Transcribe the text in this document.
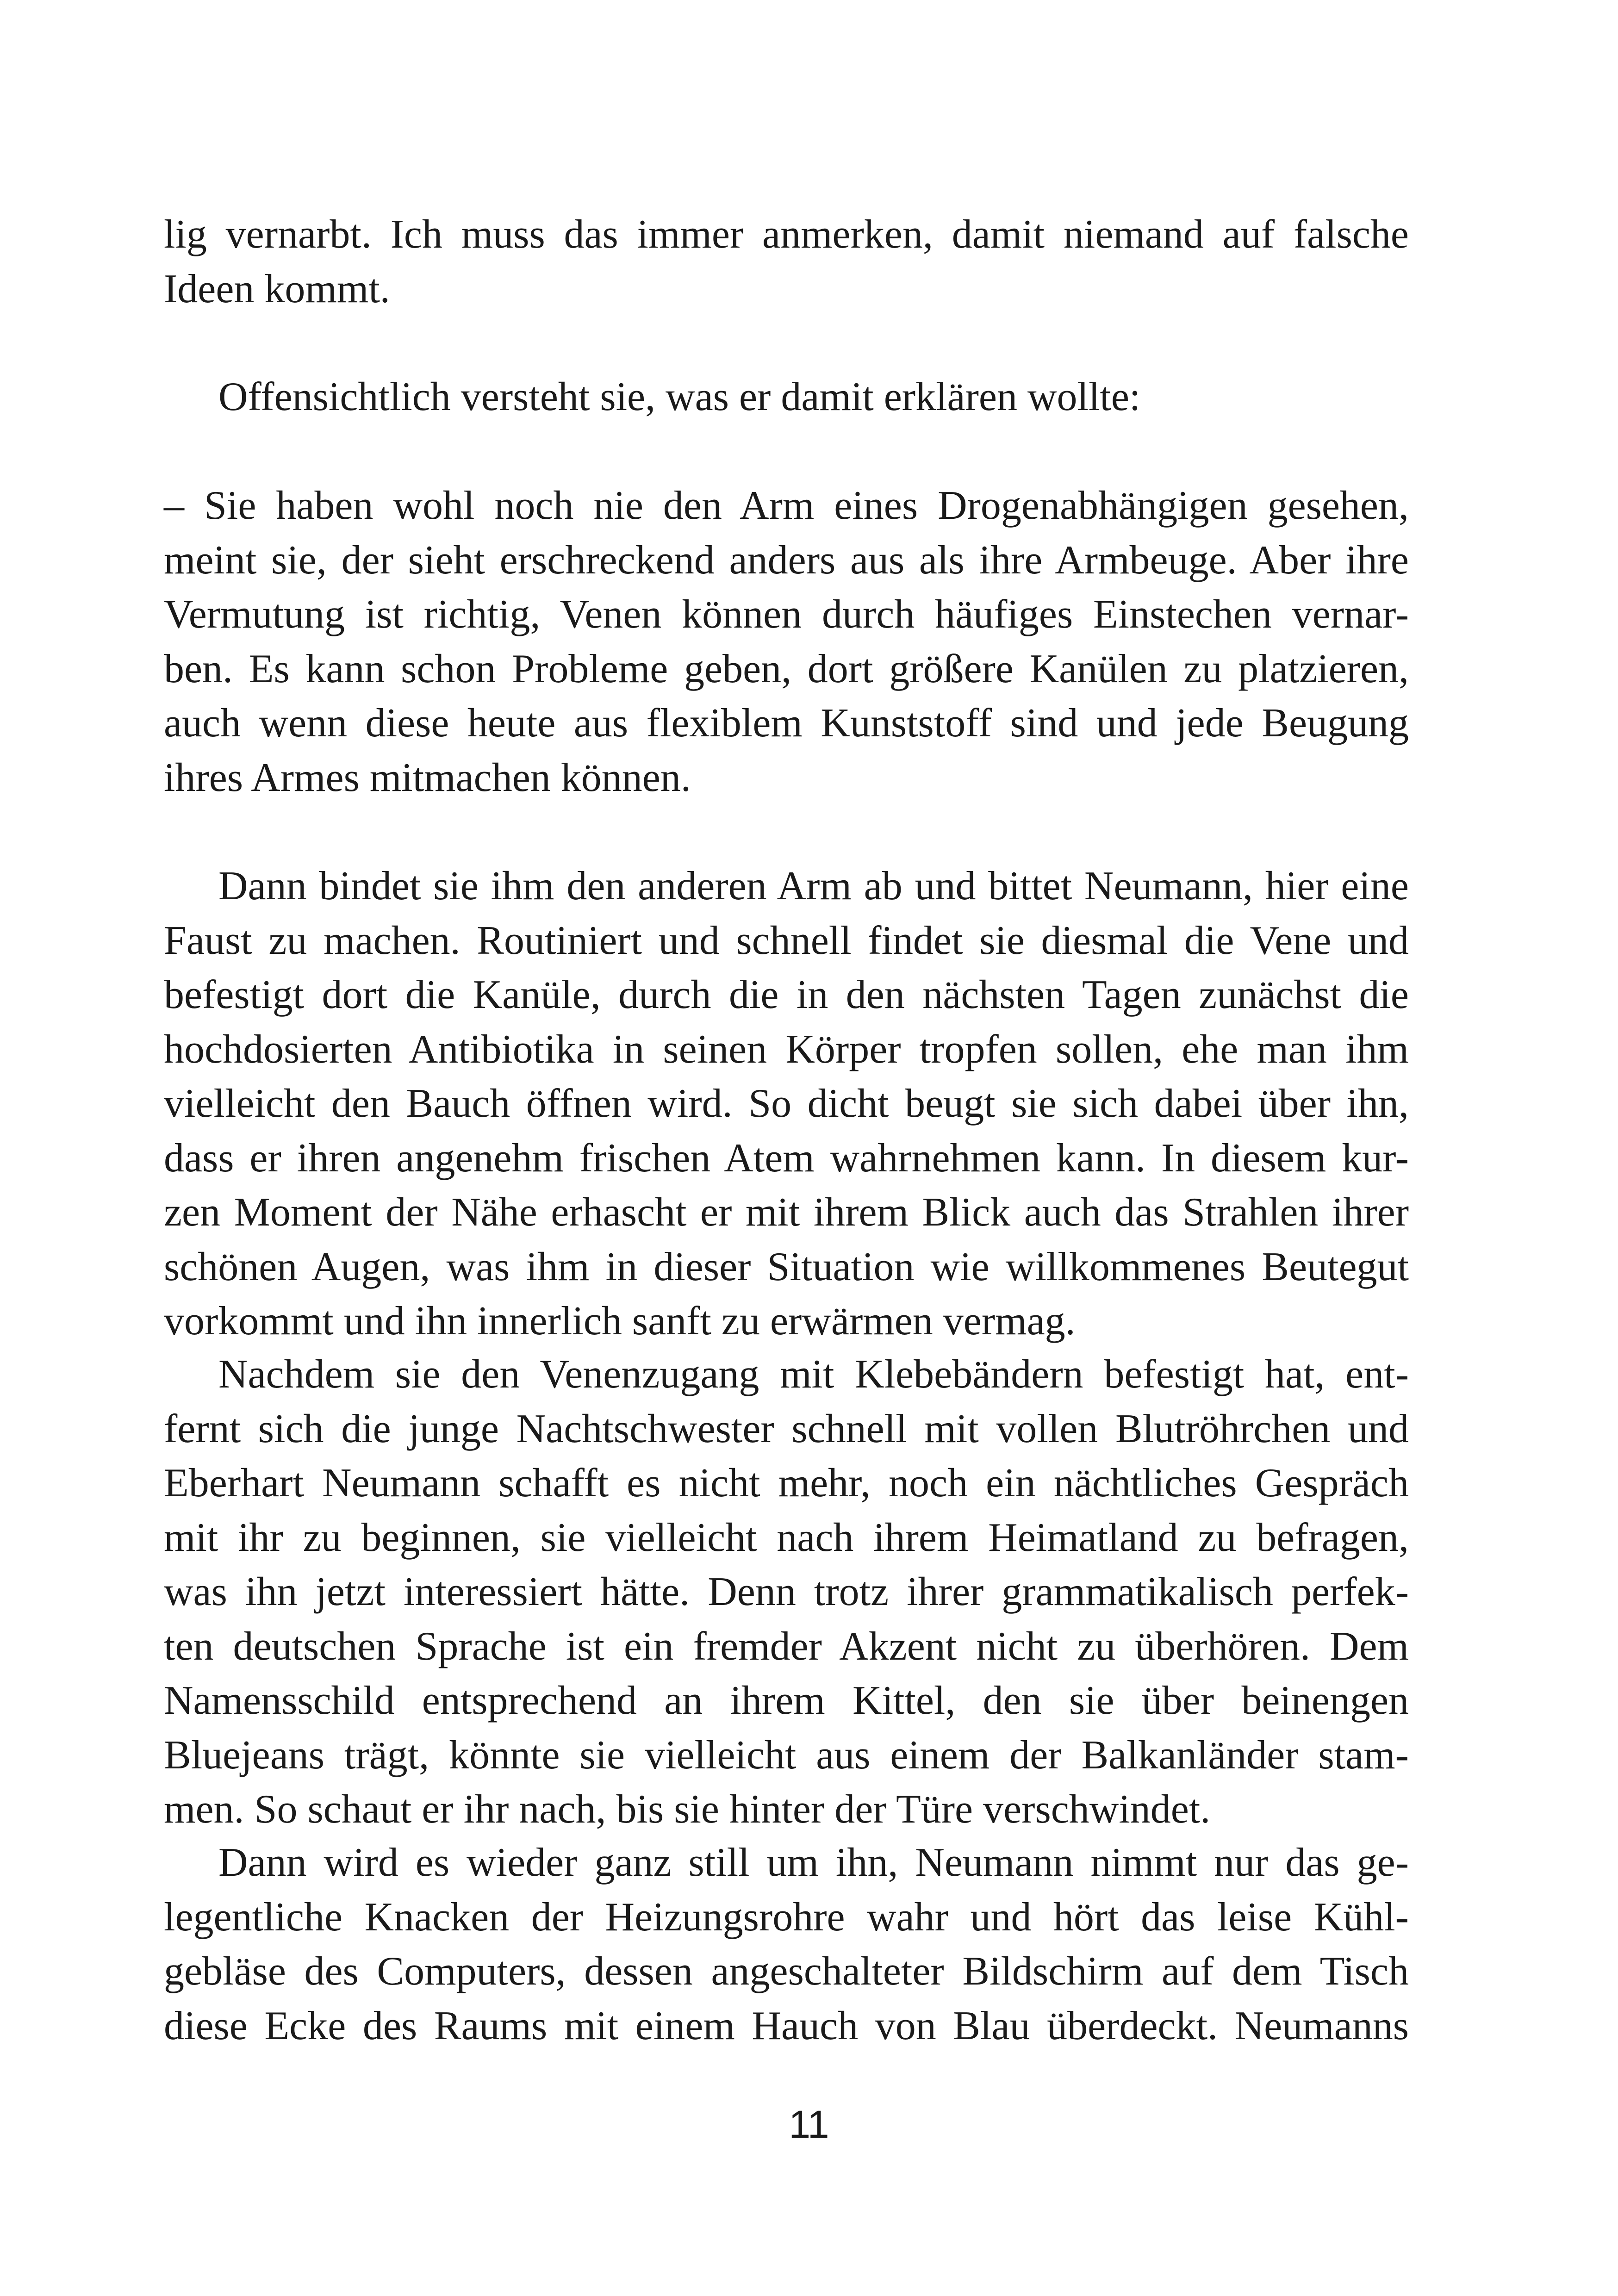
lig vernarbt. Ich muss das immer anmerken, damit niemand auf falsche
Ideen kommt.
Offensichtlich versteht sie, was er damit erklären wollte:
– Sie haben wohl noch nie den Arm eines Drogenabhängigen gesehen,
meint sie, der sieht erschreckend anders aus als ihre Armbeuge. Aber ihre
Vermutung ist richtig, Venen können durch häufiges Einstechen vernar-
ben. Es kann schon Probleme geben, dort größere Kanülen zu platzieren,
auch wenn diese heute aus flexiblem Kunststoff sind und jede Beugung
ihres Armes mitmachen können.
Dann bindet sie ihm den anderen Arm ab und bittet Neumann, hier eine
Faust zu machen. Routiniert und schnell findet sie diesmal die Vene und
befestigt dort die Kanüle, durch die in den nächsten Tagen zunächst die
hochdosierten Antibiotika in seinen Körper tropfen sollen, ehe man ihm
vielleicht den Bauch öffnen wird. So dicht beugt sie sich dabei über ihn,
dass er ihren angenehm frischen Atem wahrnehmen kann. In diesem kur-
zen Moment der Nähe erhascht er mit ihrem Blick auch das Strahlen ihrer
schönen Augen, was ihm in dieser Situation wie willkommenes Beutegut
vorkommt und ihn innerlich sanft zu erwärmen vermag.
Nachdem sie den Venenzugang mit Klebebändern befestigt hat, ent-
fernt sich die junge Nachtschwester schnell mit vollen Blutröhrchen und
Eberhart Neumann schafft es nicht mehr, noch ein nächtliches Gespräch
mit ihr zu beginnen, sie vielleicht nach ihrem Heimatland zu befragen,
was ihn jetzt interessiert hätte. Denn trotz ihrer grammatikalisch perfek-
ten deutschen Sprache ist ein fremder Akzent nicht zu überhören. Dem
Namensschild entsprechend an ihrem Kittel, den sie über beinengen
Bluejeans trägt, könnte sie vielleicht aus einem der Balkanländer stam-
men. So schaut er ihr nach, bis sie hinter der Türe verschwindet.
Dann wird es wieder ganz still um ihn, Neumann nimmt nur das ge-
legentliche Knacken der Heizungsrohre wahr und hört das leise Kühl-
gebläse des Computers, dessen angeschalteter Bildschirm auf dem Tisch
diese Ecke des Raums mit einem Hauch von Blau überdeckt. Neumanns
11
